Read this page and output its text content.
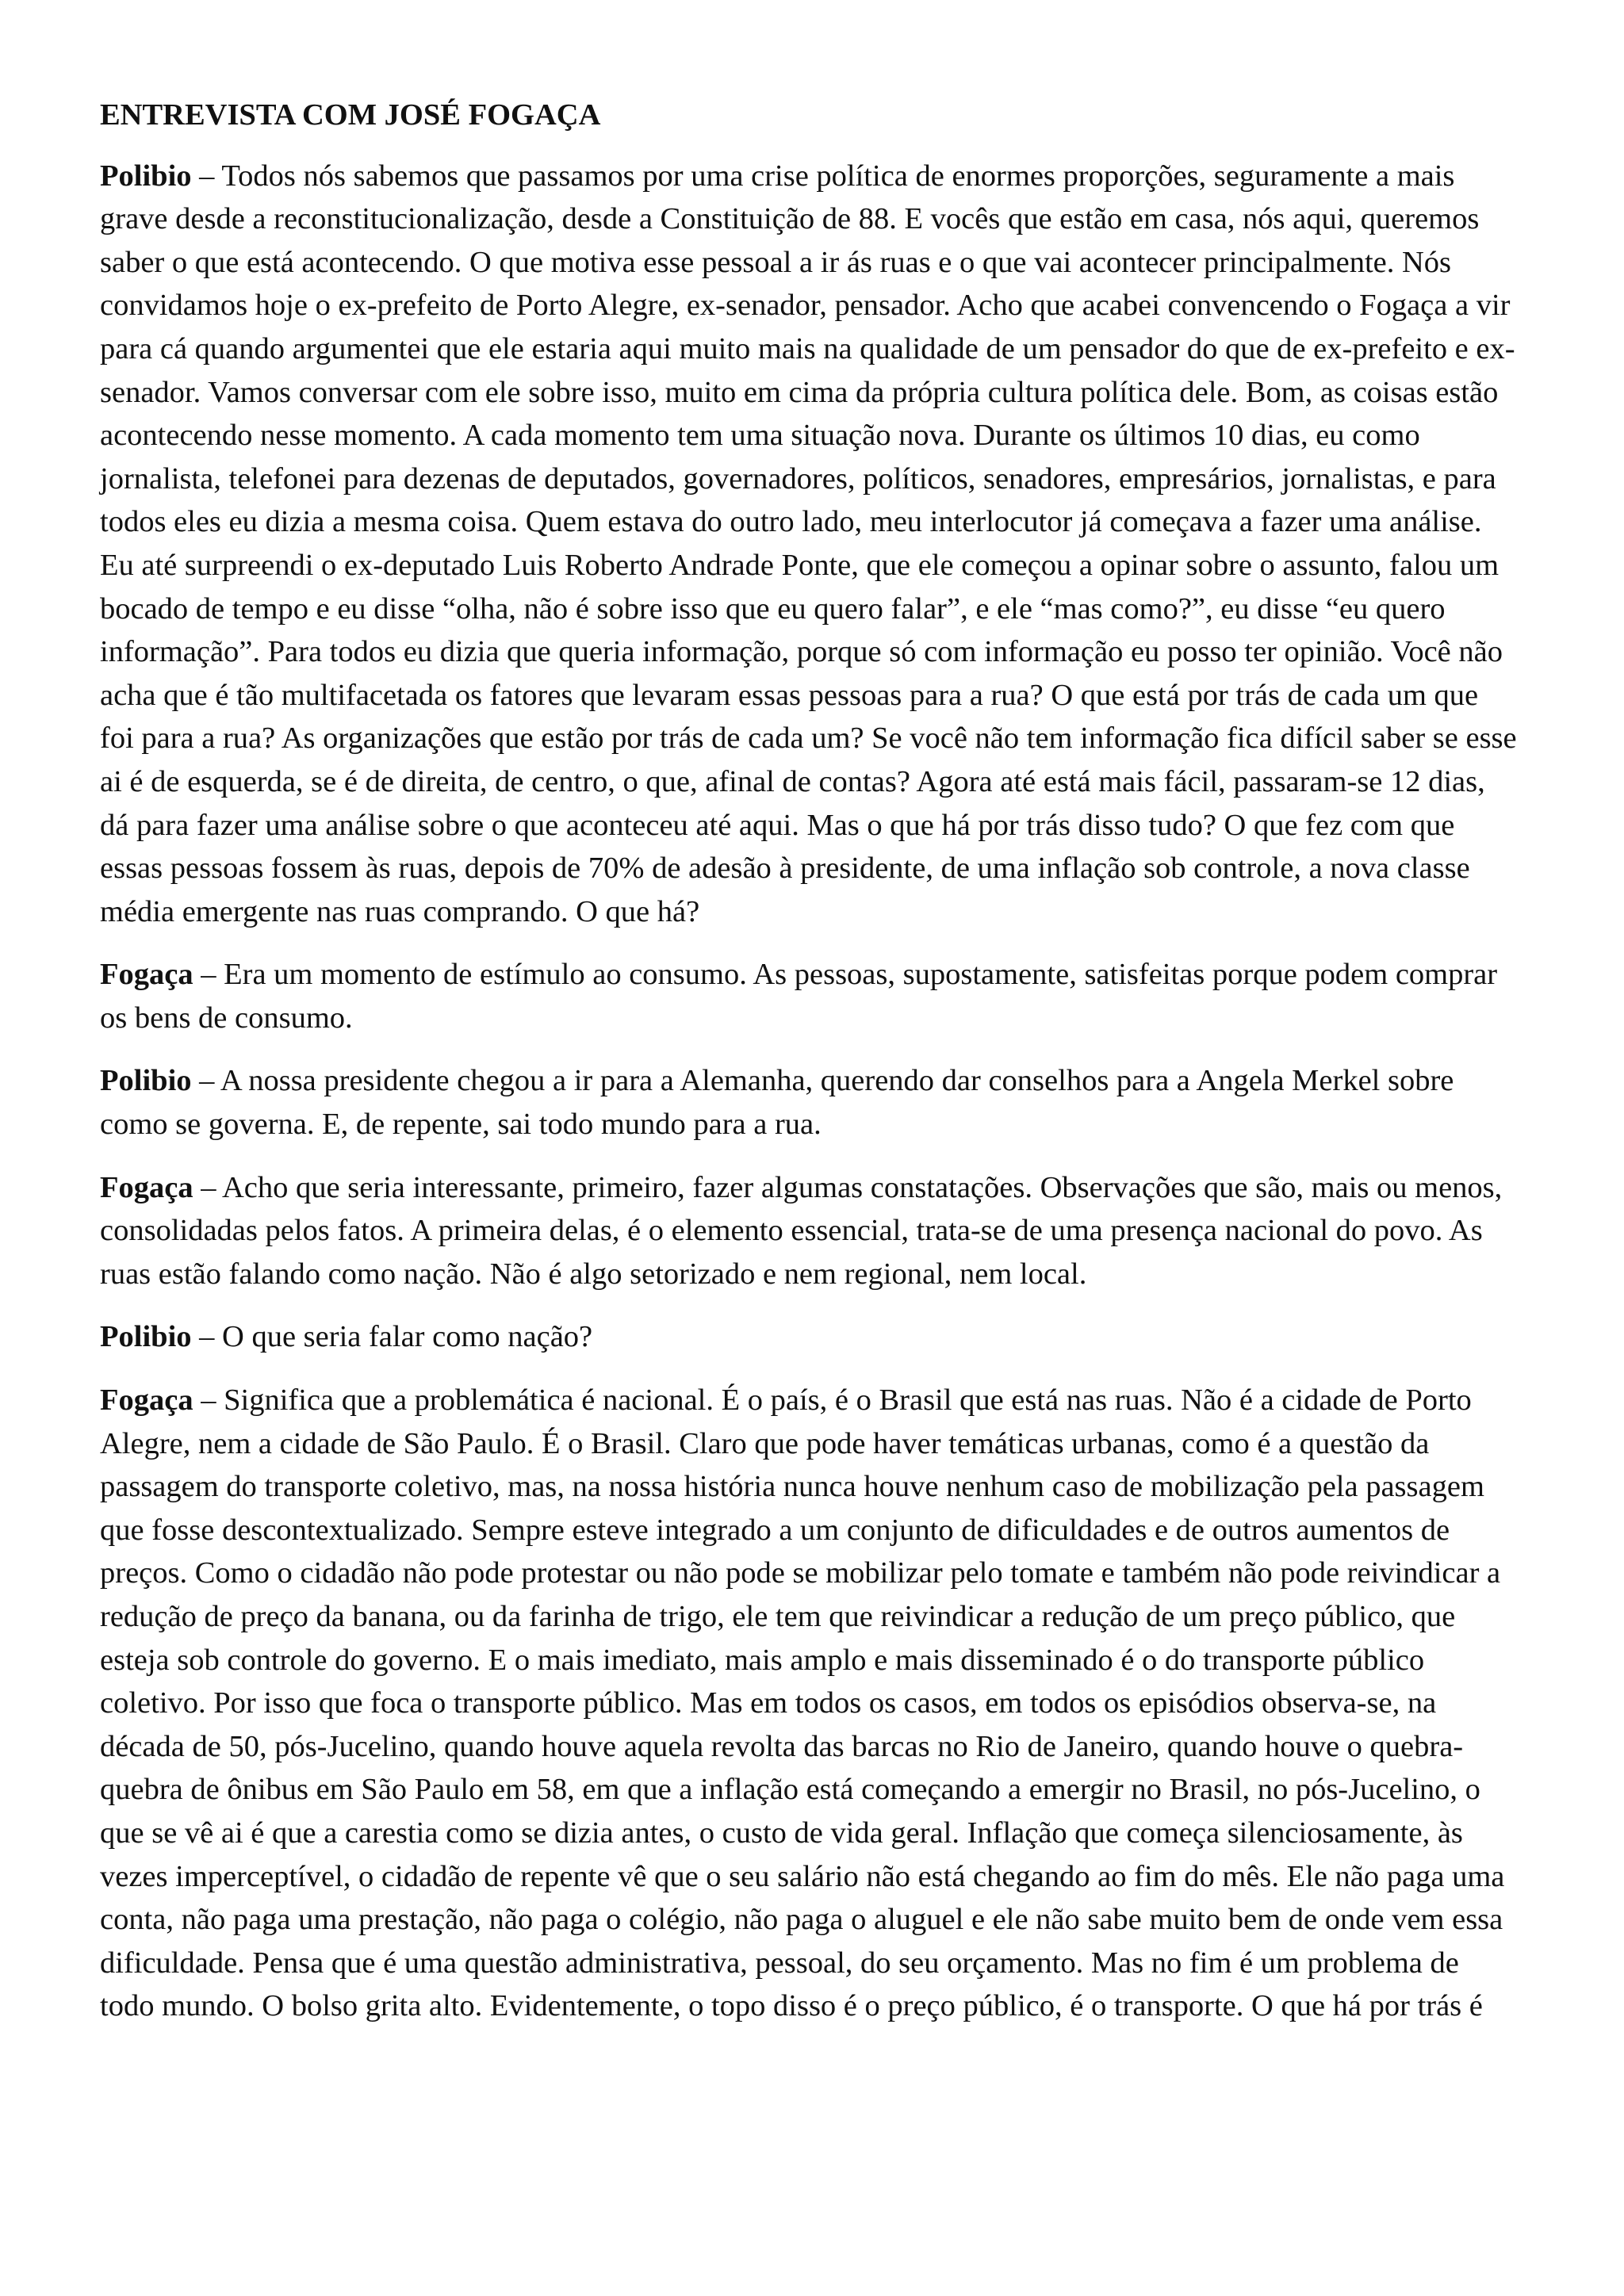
ENTREVISTA COM JOSÉ FOGAÇA

Polibio – Todos nós sabemos que passamos por uma crise política de enormes proporções, seguramente a mais grave desde a reconstitucionalização, desde a Constituição de 88. E vocês que estão em casa, nós aqui, queremos saber o que está acontecendo. O que motiva esse pessoal a ir ás ruas e o que vai acontecer principalmente. Nós convidamos hoje o ex-prefeito de Porto Alegre, ex-senador, pensador. Acho que acabei convencendo o Fogaça a vir para cá quando argumentei que ele estaria aqui muito mais na qualidade de um pensador do que de ex-prefeito e ex-senador. Vamos conversar com ele sobre isso, muito em cima da própria cultura política dele. Bom, as coisas estão acontecendo nesse momento. A cada momento tem uma situação nova. Durante os últimos 10 dias, eu como jornalista, telefonei para dezenas de deputados, governadores, políticos, senadores, empresários, jornalistas, e para todos eles eu dizia a mesma coisa. Quem estava do outro lado, meu interlocutor já começava a fazer uma análise. Eu até surpreendi o ex-deputado Luis Roberto Andrade Ponte, que ele começou a opinar sobre o assunto, falou um bocado de tempo e eu disse “olha, não é sobre isso que eu quero falar”, e ele “mas como?”, eu disse “eu quero informação”. Para todos eu dizia que queria informação, porque só com informação eu posso ter opinião. Você não acha que é tão multifacetada os fatores que levaram essas pessoas para a rua? O que está por trás de cada um que foi para a rua? As organizações que estão por trás de cada um? Se você não tem informação fica difícil saber se esse ai é de esquerda, se é de direita, de centro, o que, afinal de contas? Agora até está mais fácil, passaram-se 12 dias, dá para fazer uma análise sobre o que aconteceu até aqui. Mas o que há por trás disso tudo? O que fez com que essas pessoas fossem às ruas, depois de 70% de adesão à presidente, de uma inflação sob controle, a nova classe média emergente nas ruas comprando. O que há?

Fogaça – Era um momento de estímulo ao consumo. As pessoas, supostamente, satisfeitas porque podem comprar os bens de consumo.

Polibio – A nossa presidente chegou a ir para a Alemanha, querendo dar conselhos para a Angela Merkel sobre como se governa. E, de repente, sai todo mundo para a rua.

Fogaça – Acho que seria interessante, primeiro, fazer algumas constatações. Observações que são, mais ou menos, consolidadas pelos fatos. A primeira delas, é o elemento essencial, trata-se de uma presença nacional do povo. As ruas estão falando como nação. Não é algo setorizado e nem regional, nem local.

Polibio – O que seria falar como nação?

Fogaça – Significa que a problemática é nacional. É o país, é o Brasil que está nas ruas. Não é a cidade de Porto Alegre, nem a cidade de São Paulo. É o Brasil. Claro que pode haver temáticas urbanas, como é a questão da passagem do transporte coletivo, mas, na nossa história nunca houve nenhum caso de mobilização pela passagem que fosse descontextualizado. Sempre esteve integrado a um conjunto de dificuldades e de outros aumentos de preços. Como o cidadão não pode protestar ou não pode se mobilizar pelo tomate e também não pode reivindicar a redução de preço da banana, ou da farinha de trigo, ele tem que reivindicar a redução de um preço público, que esteja sob controle do governo. E o mais imediato, mais amplo e mais disseminado é o do transporte público coletivo. Por isso que foca o transporte público. Mas em todos os casos, em todos os episódios observa-se, na década de 50, pós-Jucelino, quando houve aquela revolta das barcas no Rio de Janeiro, quando houve o quebra-quebra de ônibus em São Paulo em 58, em que a inflação está começando a emergir no Brasil, no pós-Jucelino, o que se vê ai é que a carestia como se dizia antes, o custo de vida geral. Inflação que começa silenciosamente, às vezes imperceptível, o cidadão de repente vê que o seu salário não está chegando ao fim do mês. Ele não paga uma conta, não paga uma prestação, não paga o colégio, não paga o aluguel e ele não sabe muito bem de onde vem essa dificuldade. Pensa que é uma questão administrativa, pessoal, do seu orçamento. Mas no fim é um problema de todo mundo. O bolso grita alto. Evidentemente, o topo disso é o preço público, é o transporte. O que há por trás é
